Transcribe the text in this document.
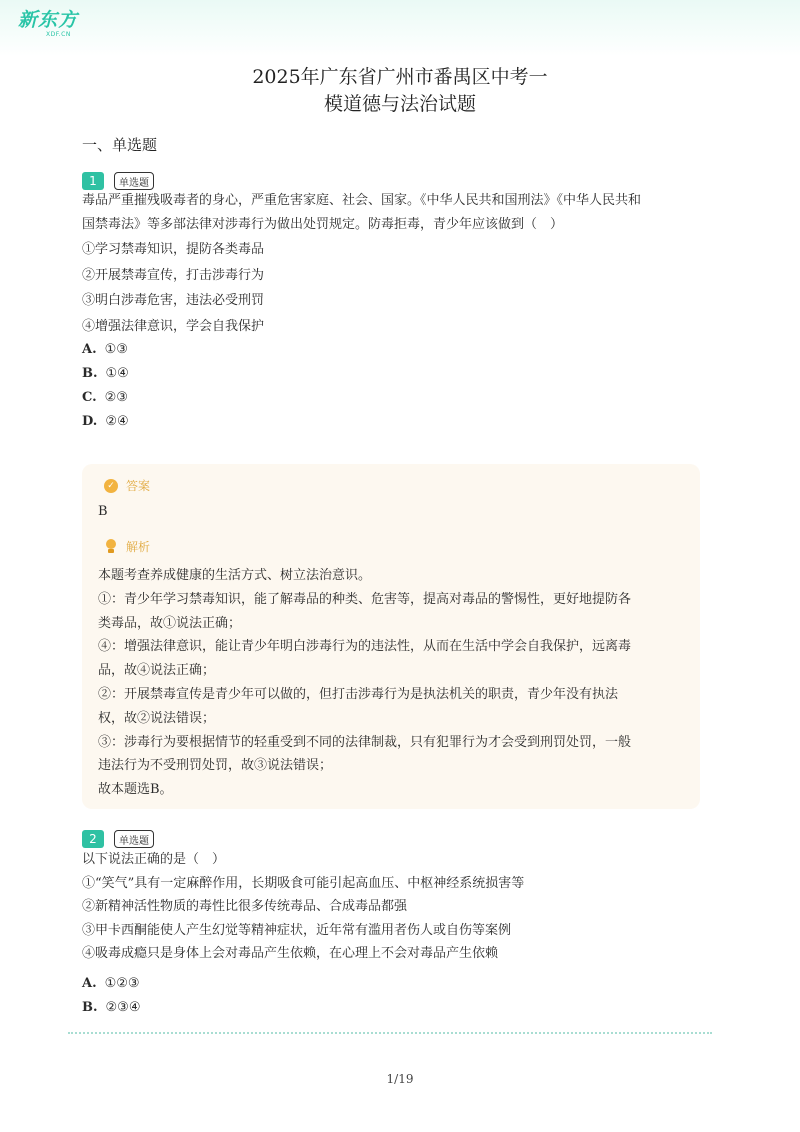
新东方
XDF.CN
2025年广东省广州市番禺区中考一
模道德与法治试题
一、单选题
1	单选题
毒品严重摧残吸毒者的身心，严重危害家庭、社会、国家。《中华人民共和国刑法》《中华人民共和
国禁毒法》等多部法律对涉毒行为做出处罚规定。防毒拒毒，青少年应该做到（　）
①学习禁毒知识，提防各类毒品
②开展禁毒宣传，打击涉毒行为
③明白涉毒危害，违法必受刑罚
④增强法律意识，学会自我保护
A. ①③
B. ①④
C. ②③
D. ②④
✓ 答案
B
解析
本题考查养成健康的生活方式、树立法治意识。
①：青少年学习禁毒知识，能了解毒品的种类、危害等，提高对毒品的警惕性，更好地提防各
类毒品，故①说法正确；
④：增强法律意识，能让青少年明白涉毒行为的违法性，从而在生活中学会自我保护，远离毒
品，故④说法正确；
②：开展禁毒宣传是青少年可以做的，但打击涉毒行为是执法机关的职责，青少年没有执法
权，故②说法错误；
③：涉毒行为要根据情节的轻重受到不同的法律制裁，只有犯罪行为才会受到刑罚处罚，一般
违法行为不受刑罚处罚，故③说法错误；
故本题选B。
2	单选题
以下说法正确的是（　）
①“笑气”具有一定麻醉作用，长期吸食可能引起高血压、中枢神经系统损害等
②新精神活性物质的毒性比很多传统毒品、合成毒品都强
③甲卡西酮能使人产生幻觉等精神症状，近年常有滥用者伤人或自伤等案例
④吸毒成瘾只是身体上会对毒品产生依赖，在心理上不会对毒品产生依赖
A. ①②③
B. ②③④
1/19
